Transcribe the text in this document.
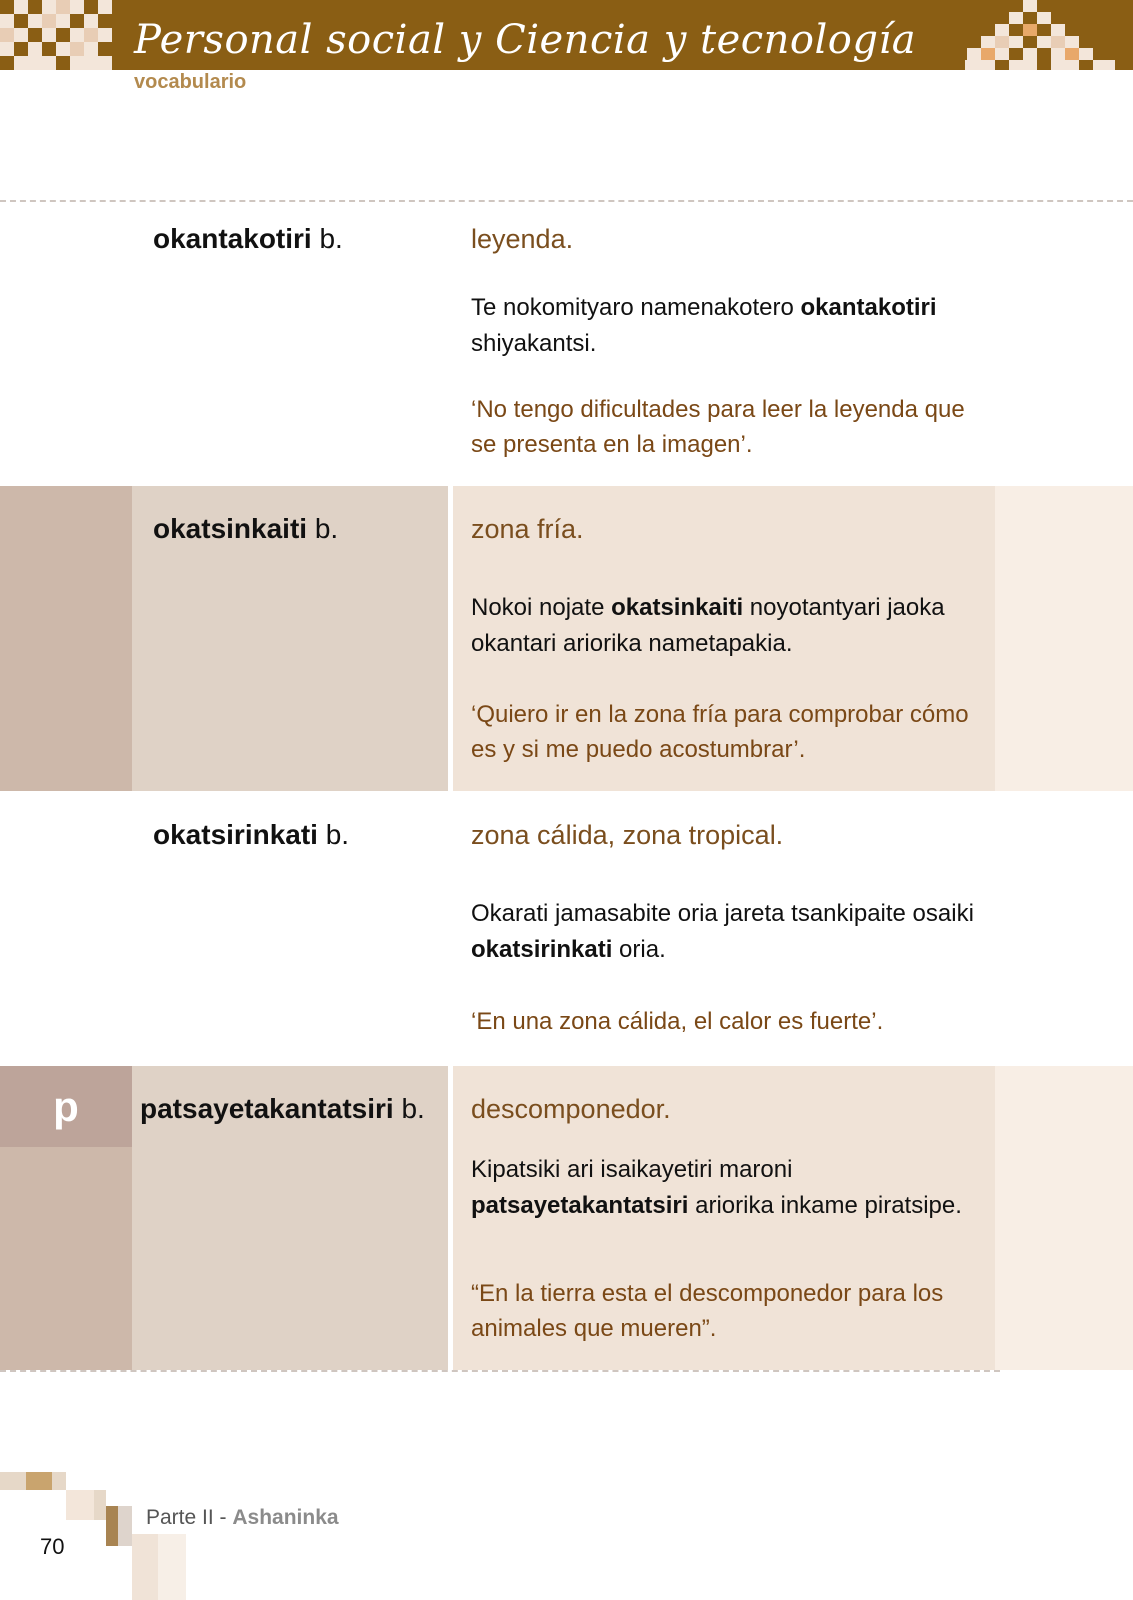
Personal social y Ciencia y tecnología
vocabulario
p
okantakotiri b.	leyenda.
Te nokomityaro namenakotero okantakotiri shiyakantsi.
‘No tengo dificultades para leer la leyenda que se presenta en la imagen’.
okatsinkaiti b.	zona fría.
Nokoi nojate okatsinkaiti noyotantyari jaoka okantari ariorika nametapakia.
‘Quiero ir en la zona fría para comprobar cómo es y si me puedo acostumbrar’.
okatsirinkati b.	zona cálida, zona tropical.
Okarati jamasabite oria jareta tsankipaite osaiki okatsirinkati oria.
‘En una zona cálida, el calor es fuerte’.
patsayetakantatsiri b. descomponedor.
Kipatsiki ari isaikayetiri maroni patsayetakantatsiri ariorika inkame piratsipe.
“En la tierra esta el descomponedor para los animales que mueren”.
Parte II - Ashaninka
70
